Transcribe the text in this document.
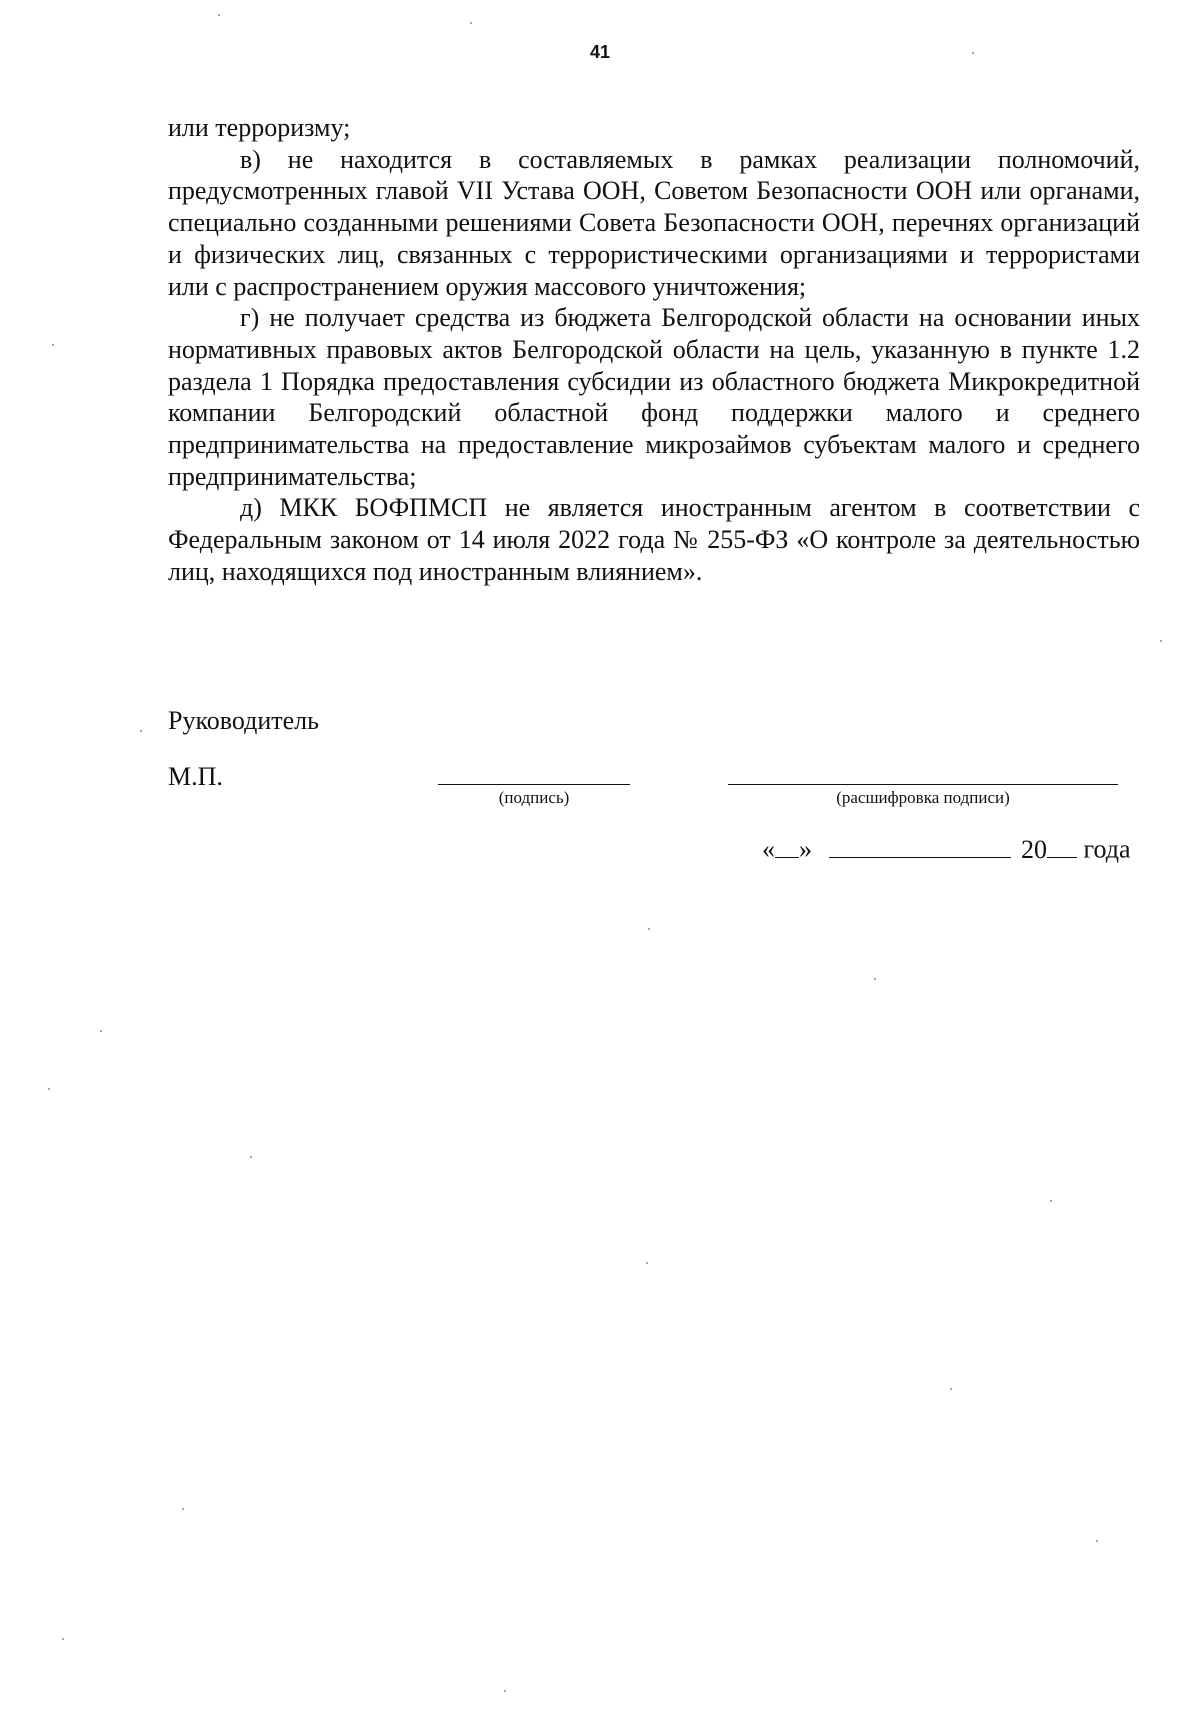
41

или терроризму;

в) не находится в составляемых в рамках реализации полномочий, предусмотренных главой VII Устава ООН, Советом Безопасности ООН или органами, специально созданными решениями Совета Безопасности ООН, перечнях организаций и физических лиц, связанных с террористическими организациями и террористами или с распространением оружия массового уничтожения;

г) не получает средства из бюджета Белгородской области на основании иных нормативных правовых актов Белгородской области на цель, указанную в пункте 1.2 раздела 1 Порядка предоставления субсидии из областного бюджета Микрокредитной компании Белгородский областной фонд поддержки малого и среднего предпринимательства на предоставление микрозаймов субъектам малого и среднего предпринимательства;

д) МКК БОФПМСП не является иностранным агентом в соответствии с Федеральным законом от 14 июля 2022 года № 255-ФЗ «О контроле за деятельностью лиц, находящихся под иностранным влиянием».

Руководитель
М.П.
(подпись)	(расшифровка подписи)
« »	20 года
